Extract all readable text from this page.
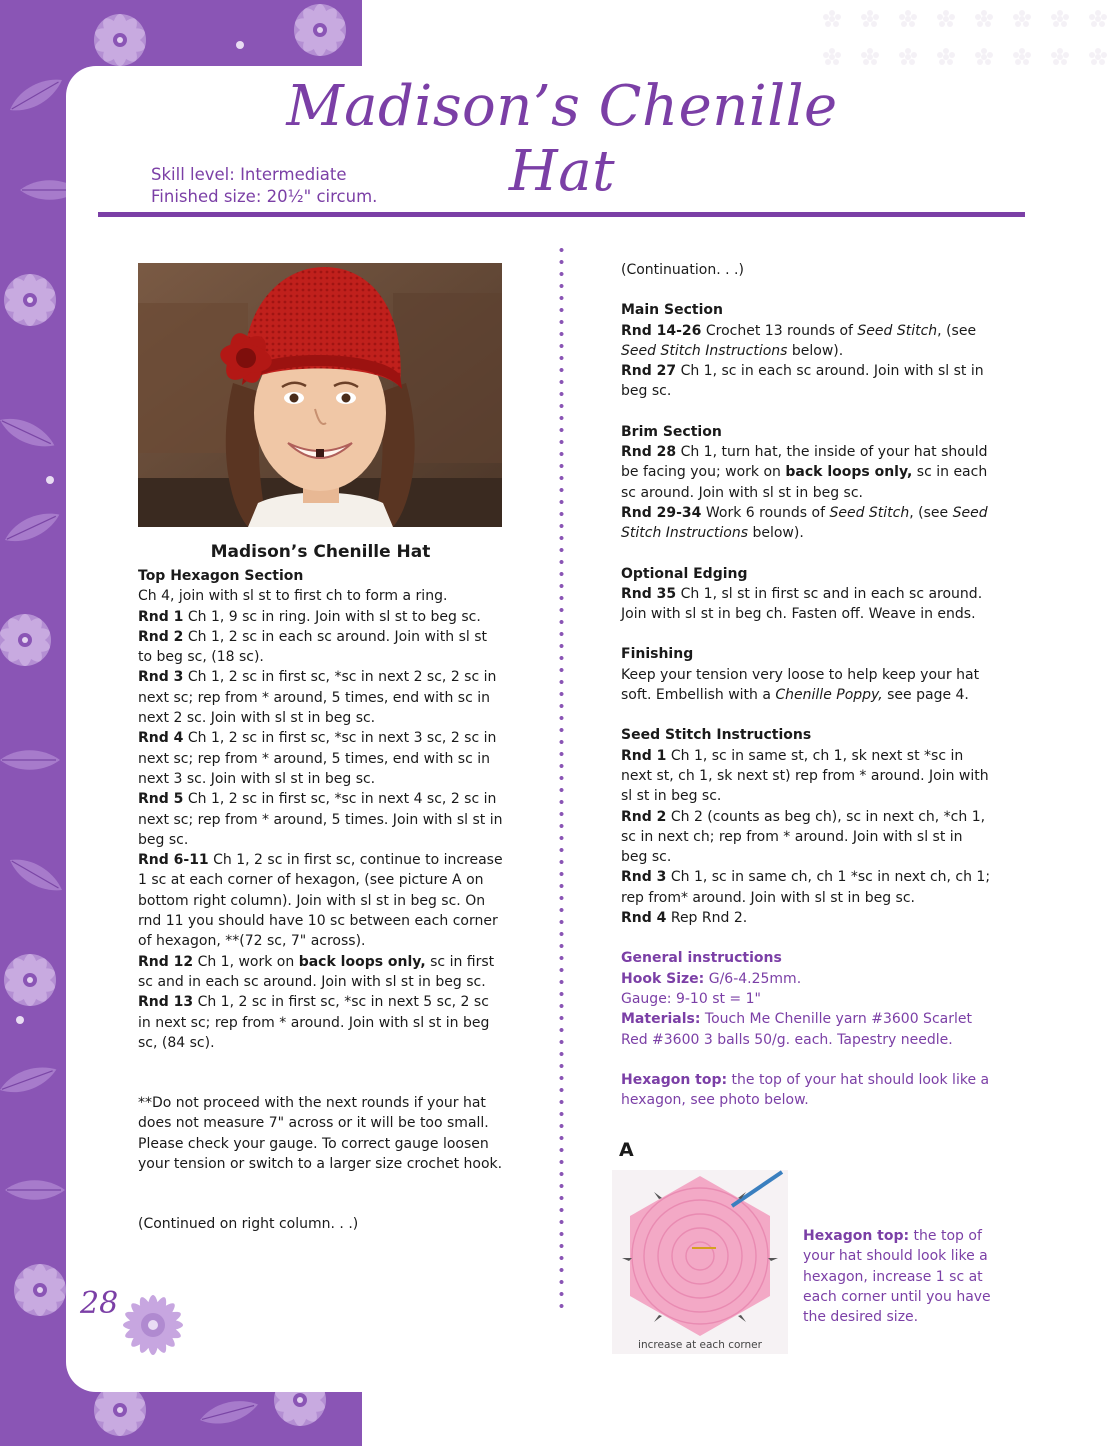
Madison’s Chenille Hat
Skill level: Intermediate
Finished size: 20½" circum.

Madison’s Chenille Hat

Top Hexagon Section

Ch 4, join with sl st to first ch to form a ring.

Rnd 1 Ch 1, 9 sc in ring. Join with sl st to beg sc.

Rnd 2 Ch 1, 2 sc in each sc around. Join with sl st to beg sc, (18 sc).

Rnd 3 Ch 1, 2 sc in first sc, *sc in next 2 sc, 2 sc in next sc; rep from * around, 5 times, end with sc in next 2 sc. Join with sl st in beg sc.

Rnd 4 Ch 1, 2 sc in first sc, *sc in next 3 sc, 2 sc in next sc; rep from * around, 5 times, end with sc in next 3 sc. Join with sl st in beg sc.

Rnd 5 Ch 1, 2 sc in first sc, *sc in next 4 sc, 2 sc in next sc; rep from * around, 5 times. Join with sl st in beg sc.

Rnd 6-11 Ch 1, 2 sc in first sc, continue to increase 1 sc at each corner of hexagon, (see picture A on bottom right column). Join with sl st in beg sc. On rnd 11 you should have 10 sc between each corner of hexagon, **(72 sc, 7" across).

Rnd 12 Ch 1, work on back loops only, sc in first sc and in each sc around. Join with sl st in beg sc.

Rnd 13 Ch 1, 2 sc in first sc, *sc in next 5 sc, 2 sc in next sc; rep from * around. Join with sl st in beg sc, (84 sc).

**Do not proceed with the next rounds if your hat does not measure 7" across or it will be too small. Please check your gauge. To correct gauge loosen your tension or switch to a larger size crochet hook.

(Continued on right column. . .)

(Continuation. . .)

Main Section

Rnd 14-26 Crochet 13 rounds of Seed Stitch, (see Seed Stitch Instructions below).

Rnd 27 Ch 1, sc in each sc around. Join with sl st in beg sc.

Brim Section

Rnd 28 Ch 1, turn hat, the inside of your hat should be facing you; work on back loops only, sc in each sc around. Join with sl st in beg sc.

Rnd 29-34 Work 6 rounds of Seed Stitch, (see Seed Stitch Instructions below).

Optional Edging

Rnd 35 Ch 1, sl st in first sc and in each sc around. Join with sl st in beg ch. Fasten off. Weave in ends.

Finishing

Keep your tension very loose to help keep your hat soft. Embellish with a Chenille Poppy, see page 4.

Seed Stitch Instructions

Rnd 1 Ch 1, sc in same st, ch 1, sk next st *sc in next st, ch 1, sk next st) rep from * around. Join with sl st in beg sc.

Rnd 2 Ch 2 (counts as beg ch), sc in next ch, *ch 1, sc in next ch; rep from * around. Join with sl st in beg sc.

Rnd 3 Ch 1, sc in same ch, ch 1 *sc in next ch, ch 1; rep from* around. Join with sl st in beg sc.

Rnd 4 Rep Rnd 2.

General instructions

Hook Size: G/6-4.25mm.

Gauge: 9-10 st = 1"

Materials: Touch Me Chenille yarn #3600 Scarlet Red #3600 3 balls 50/g. each. Tapestry needle.

Hexagon top: the top of your hat should look like a hexagon, see photo below.

A
increase at each corner
Hexagon top: the top of your hat should look like a hexagon, increase 1 sc at each corner until you have the desired size.
28
